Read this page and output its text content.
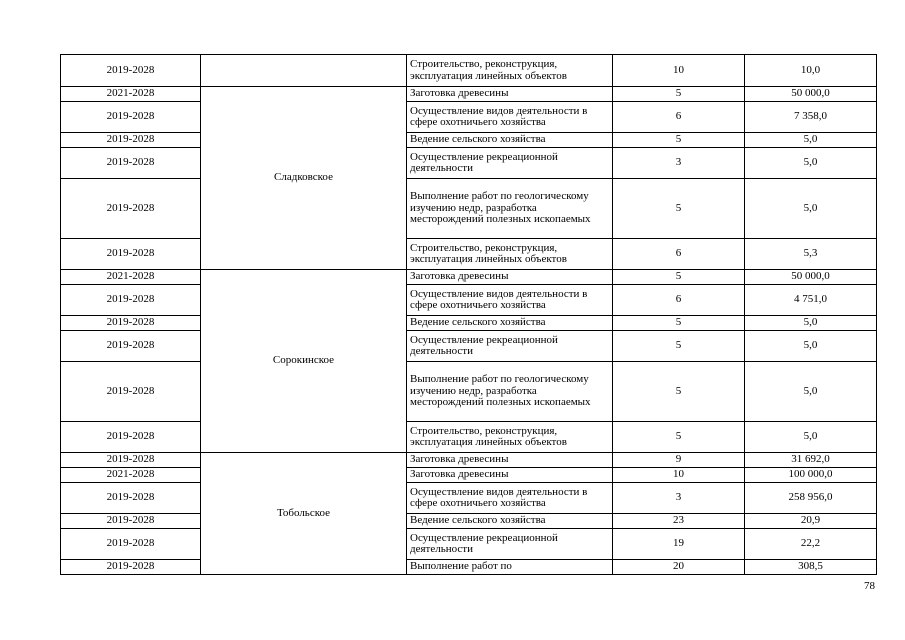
2019-2028		Строительство, реконструкция, эксплуатация линейных объектов	10	10,0
2021-2028	Сладковское	Заготовка древесины	5	50 000,0
2019-2028		Осуществление видов деятельности в сфере охотничьего хозяйства	6	7 358,0
2019-2028		Ведение сельского хозяйства	5	5,0
2019-2028		Осуществление рекреационной деятельности	3	5,0
2019-2028		Выполнение работ по геологическому изучению недр, разработка месторождений полезных ископаемых	5	5,0
2019-2028		Строительство, реконструкция, эксплуатация линейных объектов	6	5,3
2021-2028	Сорокинское	Заготовка древесины	5	50 000,0
2019-2028		Осуществление видов деятельности в сфере охотничьего хозяйства	6	4 751,0
2019-2028		Ведение сельского хозяйства	5	5,0
2019-2028		Осуществление рекреационной деятельности	5	5,0
2019-2028		Выполнение работ по геологическому изучению недр, разработка месторождений полезных ископаемых	5	5,0
2019-2028		Строительство, реконструкция, эксплуатация линейных объектов	5	5,0
2019-2028	Тобольское	Заготовка древесины	9	31 692,0
2021-2028		Заготовка древесины	10	100 000,0
2019-2028		Осуществление видов деятельности в сфере охотничьего хозяйства	3	258 956,0
2019-2028		Ведение сельского хозяйства	23	20,9
2019-2028		Осуществление рекреационной деятельности	19	22,2
2019-2028		Выполнение работ по	20	308,5
78
